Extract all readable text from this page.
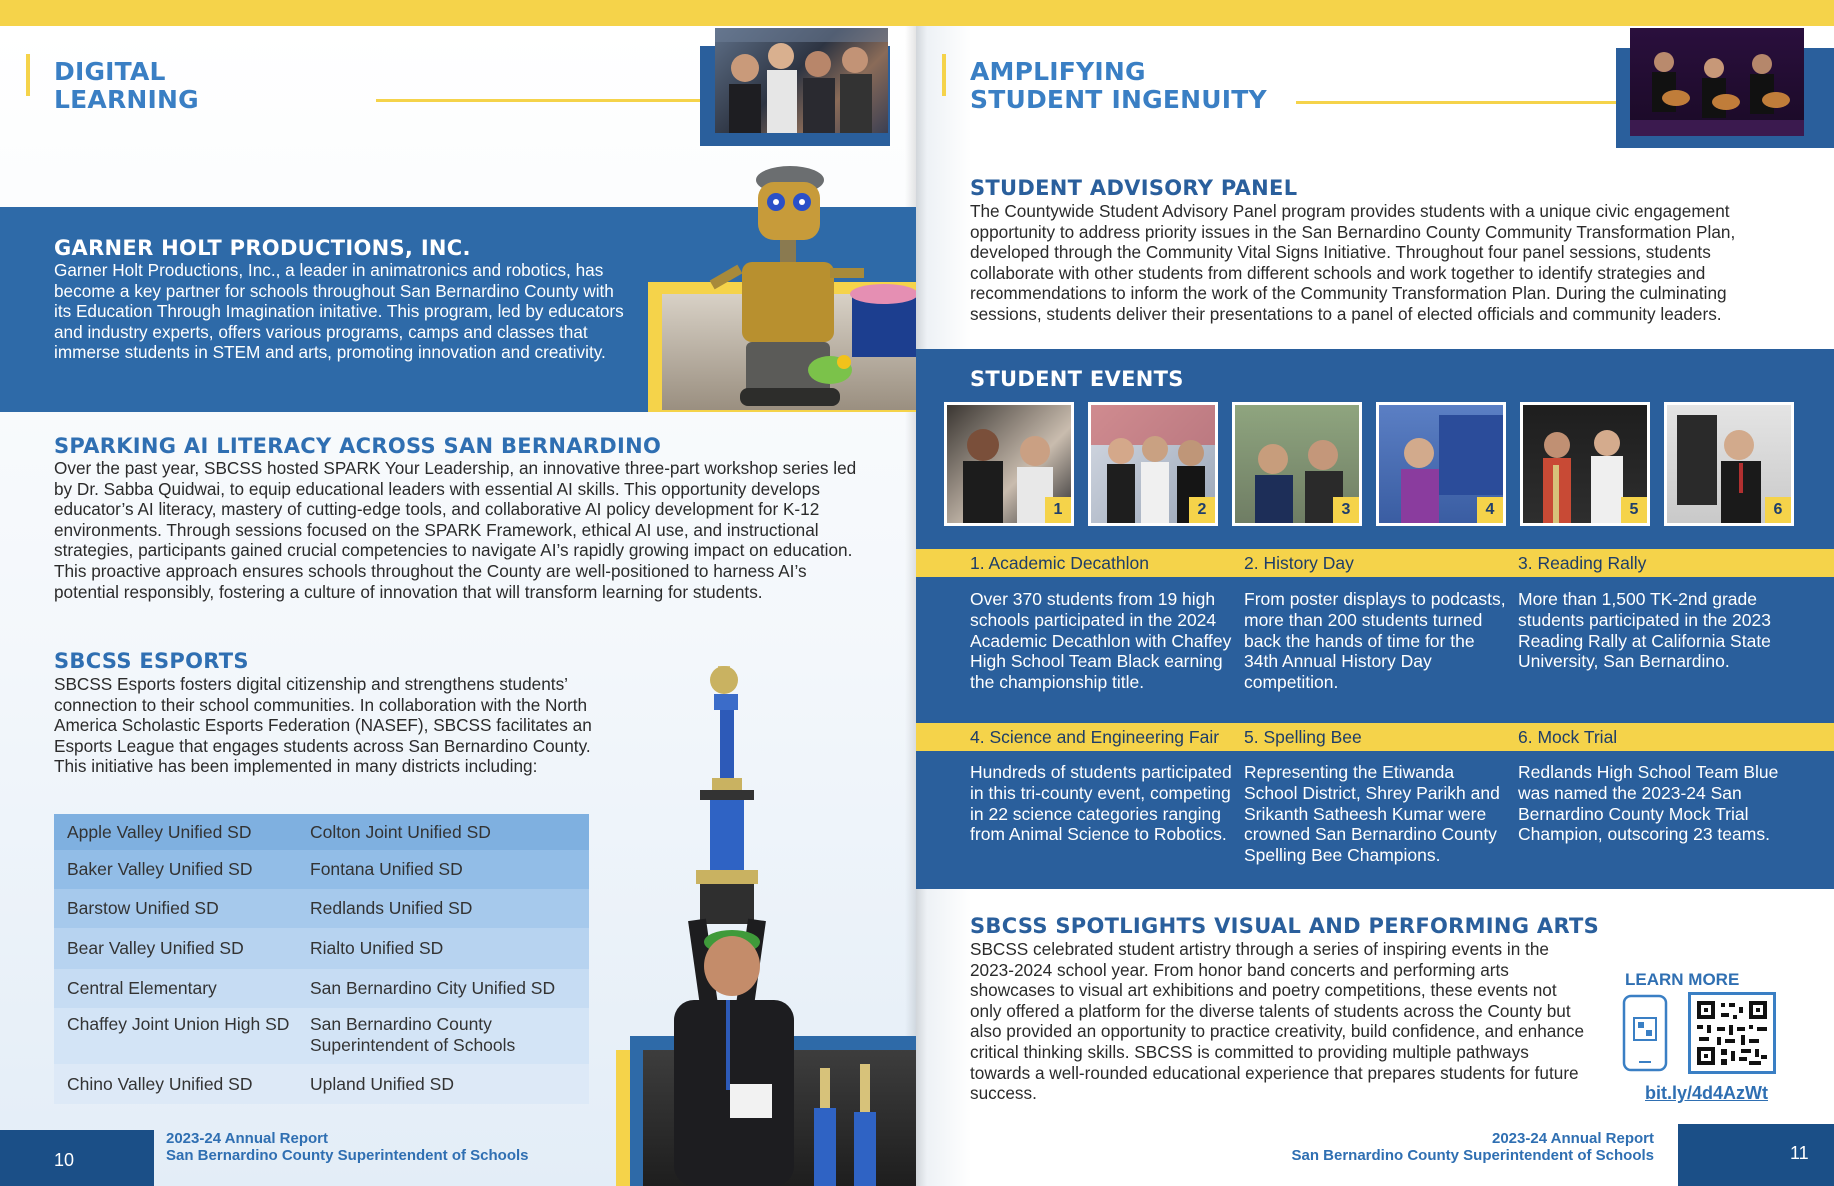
DIGITAL
LEARNING
GARNER HOLT PRODUCTIONS, INC.
Garner Holt Productions, Inc., a leader in animatronics and robotics, has become a key partner for schools throughout San Bernardino County with its Education Through Imagination initative. This program, led by educators and industry experts, offers various programs, camps and classes that immerse students in STEM and arts, promoting innovation and creativity.
SPARKING AI LITERACY ACROSS SAN BERNARDINO
Over the past year, SBCSS hosted SPARK Your Leadership, an innovative three-part workshop series led by Dr. Sabba Quidwai, to equip educational leaders with essential AI skills. This opportunity develops educator’s AI literacy, mastery of cutting-edge tools, and collaborative AI policy development for K-12 environments. Through sessions focused on the SPARK Framework, ethical AI use, and instructional strategies, participants gained crucial competencies to navigate AI’s rapidly growing impact on education. This proactive approach ensures schools throughout the County are well-positioned to harness AI’s potential responsibly, fostering a culture of innovation that will transform learning for students.
SBCSS ESPORTS
SBCSS Esports fosters digital citizenship and strengthens students’ connection to their school communities. In collaboration with the North America Scholastic Esports Federation (NASEF), SBCSS facilitates an Esports League that engages students across San Bernardino County. This initiative has been implemented in many districts including:
Apple Valley Unified SD	Colton Joint Unified SD
Baker Valley Unified SD	Fontana Unified SD
Barstow Unified SD	Redlands Unified SD
Bear Valley Unified SD	Rialto Unified SD
Central Elementary	San Bernardino City Unified SD
Chaffey Joint Union High SD	San Bernardino County Superintendent of Schools
Chino Valley Unified SD	Upland Unified SD
10
2023-24 Annual Report
San Bernardino County Superintendent of Schools
AMPLIFYING
STUDENT INGENUITY
STUDENT ADVISORY PANEL
The Countywide Student Advisory Panel program provides students with a unique civic engagement opportunity to address priority issues in the San Bernardino County Community Transformation Plan, developed through the Community Vital Signs Initiative. Throughout four panel sessions, students collaborate with other students from different schools and work together to identify strategies and recommendations to inform the work of the Community Transformation Plan. During the culminating sessions, students deliver their presentations to a panel of elected officials and community leaders.
STUDENT EVENTS
1	2	3	4	5	6
1. Academic Decathlon	2. History Day	3. Reading Rally
Over 370 students from 19 high schools participated in the 2024 Academic Decathlon with Chaffey High School Team Black earning the championship title.
From poster displays to podcasts, more than 200 students turned back the hands of time for the 34th Annual History Day competition.
More than 1,500 TK-2nd grade students participated in the 2023 Reading Rally at California State University, San Bernardino.
4. Science and Engineering Fair 5. Spelling Bee	6. Mock Trial
Hundreds of students participated in this tri-county event, competing in 22 science categories ranging from Animal Science to Robotics.
Representing the Etiwanda School District, Shrey Parikh and Srikanth Satheesh Kumar were crowned San Bernardino County Spelling Bee Champions.
Redlands High School Team Blue was named the 2023-24 San Bernardino County Mock Trial Champion, outscoring 23 teams.
SBCSS SPOTLIGHTS VISUAL AND PERFORMING ARTS
SBCSS celebrated student artistry through a series of inspiring events in the 2023-2024 school year. From honor band concerts and performing arts showcases to visual art exhibitions and poetry competitions, these events not only offered a platform for the diverse talents of students across the County but also provided an opportunity to practice creativity, build confidence, and enhance critical thinking skills. SBCSS is committed to providing multiple pathways towards a well-rounded educational experience that prepares students for future success.
LEARN MORE
bit.ly/4d4AzWt
2023-24 Annual Report
San Bernardino County Superintendent of Schools	11
